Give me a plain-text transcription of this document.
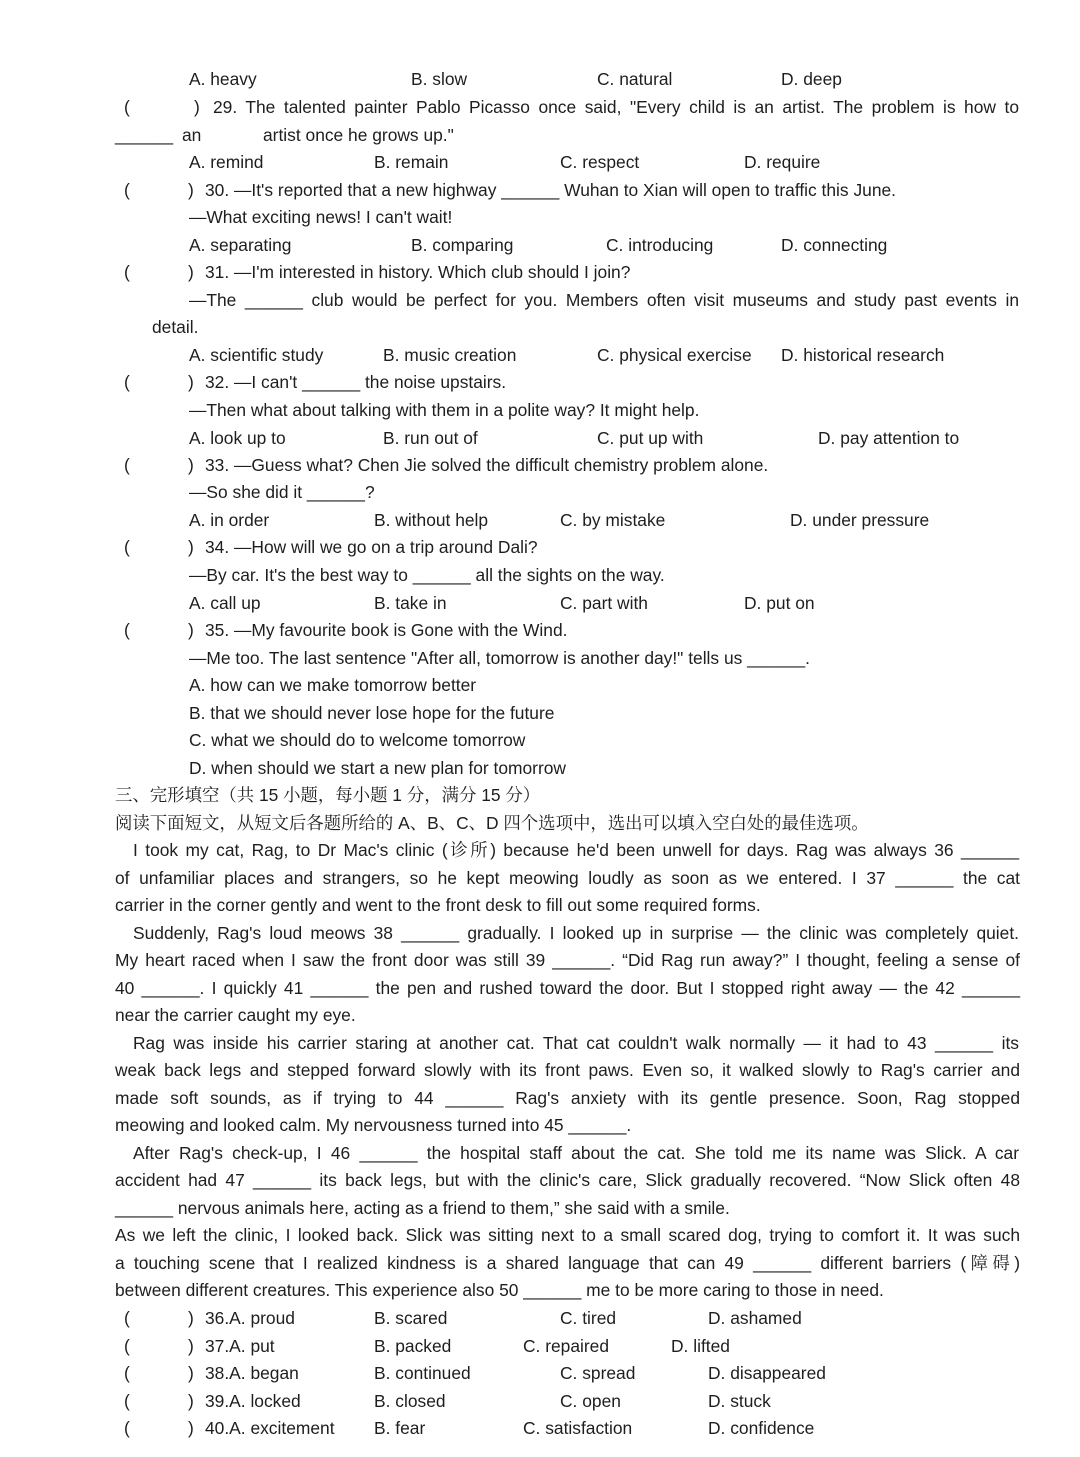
A. heavy	B. slow	C. natural	D. deep
(	) 29. The talented painter Pablo Picasso once said, "Every child is an artist. The problem is how to
______ an	artist once he grows up."
A. remind	B. remain	C. respect	D. require
(	) 30. —It's reported that a new highway ______ Wuhan to Xian will open to traffic this June.
—What exciting news! I can't wait!
A. separating	B. comparing	C. introducing	D. connecting
(	) 31. —I'm interested in history. Which club should I join?
—The ______ club would be perfect for you. Members often visit museums and study past events in
detail.
A. scientific study	B. music creation	C. physical exercise D. historical research
(	) 32. —I can't ______ the noise upstairs.
—Then what about talking with them in a polite way? It might help.
A. look up to	B. run out of	C. put up with	D. pay attention to
(	) 33. —Guess what? Chen Jie solved the difficult chemistry problem alone.
—So she did it ______?
A. in order	B. without help	C. by mistake	D. under pressure
(	) 34. —How will we go on a trip around Dali?
—By car. It's the best way to ______ all the sights on the way.
A. call up	B. take in	C. part with	D. put on
(	) 35. —My favourite book is Gone with the Wind.
—Me too. The last sentence "After all, tomorrow is another day!" tells us ______.
A. how can we make tomorrow better
B. that we should never lose hope for the future
C. what we should do to welcome tomorrow
D. when should we start a new plan for tomorrow
三、完形填空（共 15 小题，每小题 1 分，满分 15 分）
阅读下面短文，从短文后各题所给的 A、B、C、D 四个选项中，选出可以填入空白处的最佳选项。
I took my cat, Rag, to Dr Mac's clinic (诊所) because he'd been unwell for days. Rag was always 36 ______
of unfamiliar places and strangers, so he kept meowing loudly as soon as we entered. I 37 ______ the cat
carrier in the corner gently and went to the front desk to fill out some required forms.
Suddenly, Rag's loud meows 38 ______ gradually. I looked up in surprise — the clinic was completely quiet.
My heart raced when I saw the front door was still 39 ______. “Did Rag run away?” I thought, feeling a sense of
40 ______. I quickly 41 ______ the pen and rushed toward the door. But I stopped right away — the 42 ______
near the carrier caught my eye.
Rag was inside his carrier staring at another cat. That cat couldn't walk normally — it had to 43 ______ its
weak back legs and stepped forward slowly with its front paws. Even so, it walked slowly to Rag's carrier and
made soft sounds, as if trying to 44 ______ Rag's anxiety with its gentle presence. Soon, Rag stopped
meowing and looked calm. My nervousness turned into 45 ______.
After Rag's check-up, I 46 ______ the hospital staff about the cat. She told me its name was Slick. A car
accident had 47 ______ its back legs, but with the clinic's care, Slick gradually recovered. “Now Slick often 48
______ nervous animals here, acting as a friend to them,” she said with a smile.
As we left the clinic, I looked back. Slick was sitting next to a small scared dog, trying to comfort it. It was such
a touching scene that I realized kindness is a shared language that can 49 ______ different barriers (障碍)
between different creatures. This experience also 50 ______ me to be more caring to those in need.
(	) 36.A. proud	B. scared	C. tired	D. ashamed
(	) 37.A. put	B. packed	C. repaired	D. lifted
(	) 38.A. began	B. continued	C. spread	D. disappeared
(	) 39.A. locked	B. closed	C. open	D. stuck
(	) 40.A. excitement B. fear	C. satisfaction	D. confidence
